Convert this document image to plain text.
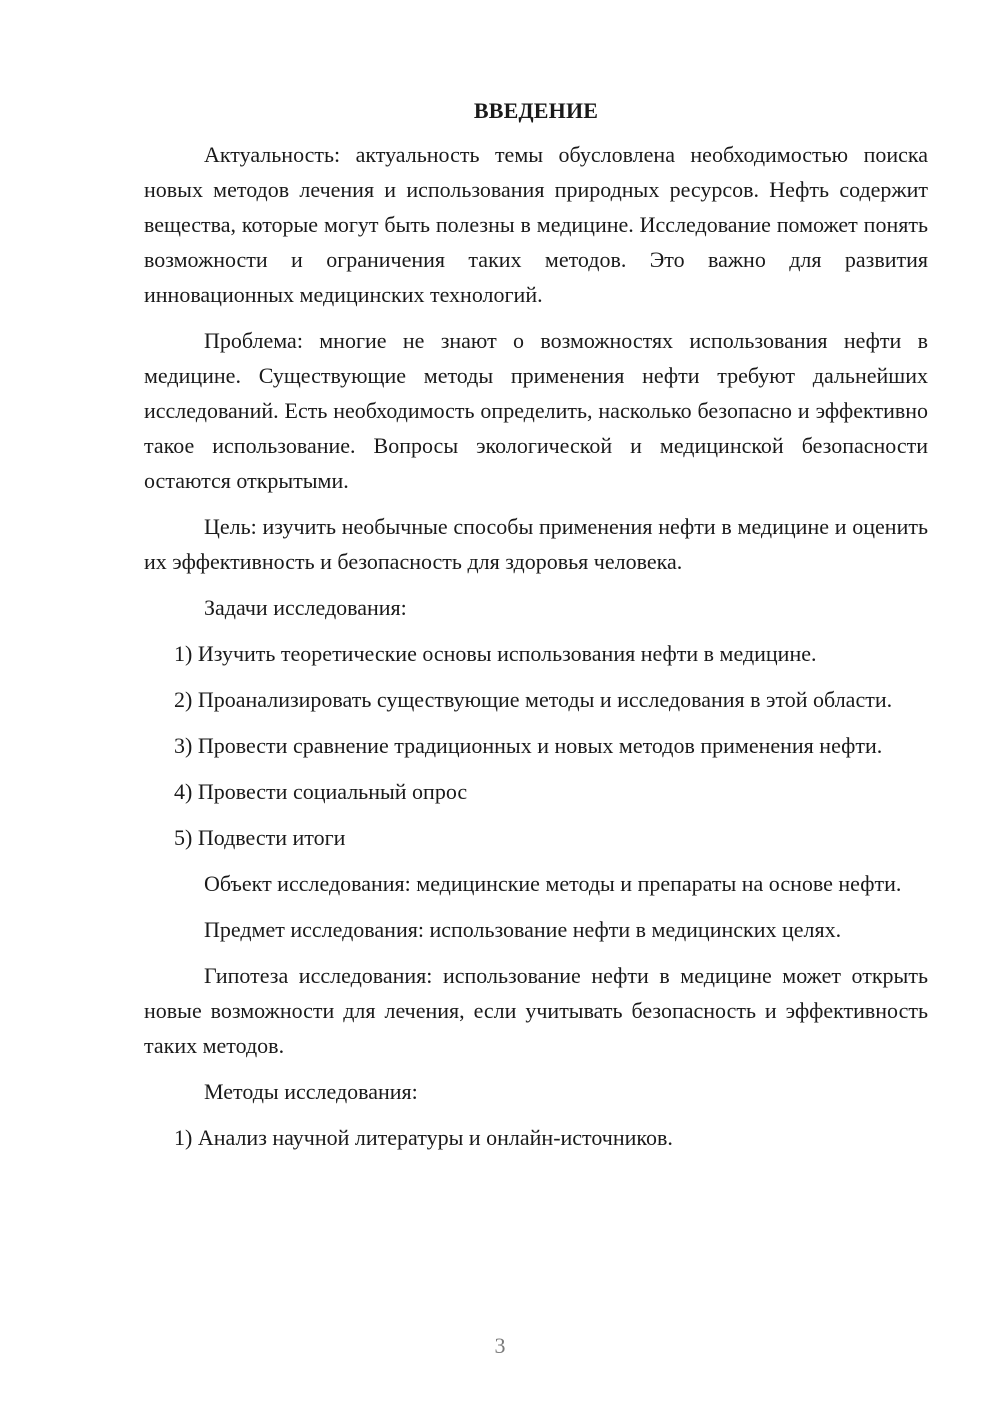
ВВЕДЕНИЕ

Актуальность: актуальность темы обусловлена необходимостью поиска новых методов лечения и использования природных ресурсов. Нефть содержит вещества, которые могут быть полезны в медицине. Исследование поможет понять возможности и ограничения таких методов. Это важно для развития инновационных медицинских технологий.

Проблема: многие не знают о возможностях использования нефти в медицине. Существующие методы применения нефти требуют дальнейших исследований. Есть необходимость определить, насколько безопасно и эффективно такое использование. Вопросы экологической и медицинской безопасности остаются открытыми.

Цель: изучить необычные способы применения нефти в медицине и оценить их эффективность и безопасность для здоровья человека.

Задачи исследования:

1) Изучить теоретические основы использования нефти в медицине.

2) Проанализировать существующие методы и исследования в этой области.

3) Провести сравнение традиционных и новых методов применения нефти.

4) Провести социальный опрос

5) Подвести итоги

Объект исследования: медицинские методы и препараты на основе нефти.

Предмет исследования: использование нефти в медицинских целях.

Гипотеза исследования: использование нефти в медицине может открыть новые возможности для лечения, если учитывать безопасность и эффективность таких методов.

Методы исследования:

1) Анализ научной литературы и онлайн-источников.

3
